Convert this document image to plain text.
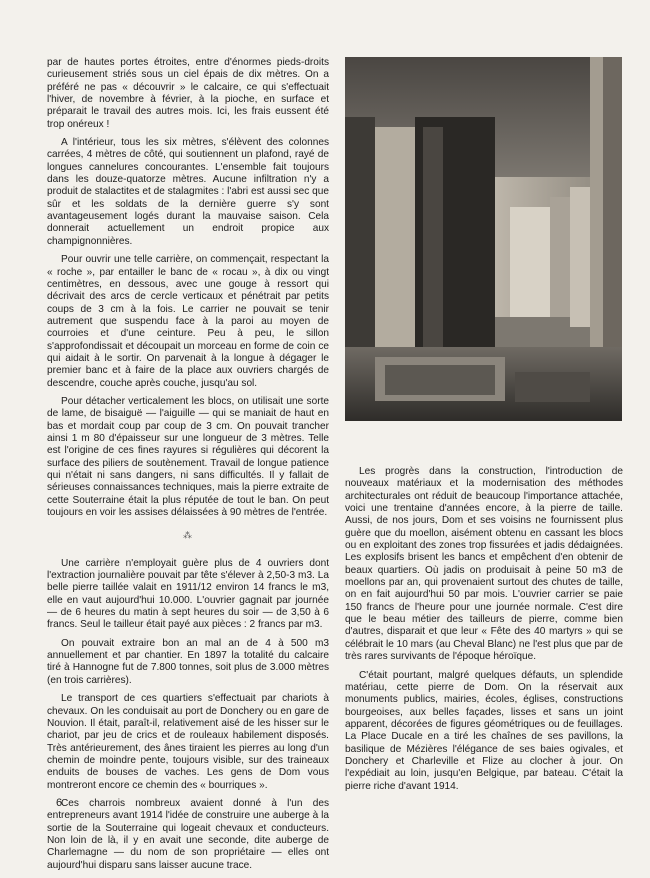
par de hautes portes étroites, entre d'énormes pieds-droits curieusement striés sous un ciel épais de dix mètres. On a préféré ne pas « découvrir » le calcaire, ce qui s'effectuait l'hiver, de novembre à février, à la pioche, en surface et préparait le travail des autres mois. Ici, les frais eussent été trop onéreux !

A l'intérieur, tous les six mètres, s'élèvent des colonnes carrées, 4 mètres de côté, qui soutiennent un plafond, rayé de longues cannelures concourantes. L'ensemble fait toujours dans les douze-quatorze mètres. Aucune infiltration n'y a produit de stalactites et de stalagmites : l'abri est aussi sec que sûr et les soldats de la dernière guerre s'y sont avantageusement logés durant la mauvaise saison. Cela donnerait actuellement un endroit propice aux champignonnières.

Pour ouvrir une telle carrière, on commençait, respectant la « roche », par entailler le banc de « rocau », à dix ou vingt centimètres, en dessous, avec une gouge à ressort qui décrivait des arcs de cercle verticaux et pénétrait par petits coups de 3 cm à la fois. Le carrier ne pouvait se tenir autrement que suspendu face à la paroi au moyen de courroies et d'une ceinture. Peu à peu, le sillon s'approfondissait et découpait un morceau en forme de coin ce qui aidait à le sortir. On parvenait à la longue à dégager le premier banc et à faire de la place aux ouvriers chargés de descendre, couche après couche, jusqu'au sol.

Pour détacher verticalement les blocs, on utilisait une sorte de lame, de bisaiguë — l'aiguille — qui se maniait de haut en bas et mordait coup par coup de 3 cm. On pouvait trancher ainsi 1 m 80 d'épaisseur sur une longueur de 3 mètres. Telle est l'origine de ces fines rayures si régulières qui décorent la surface des piliers de soutènement. Travail de longue patience qui n'était ni sans dangers, ni sans difficultés. Il y fallait de sérieuses connaissances techniques, mais la pierre extraite de cette Souterraine était la plus réputée de tout le ban. On peut toujours en voir les assises délaissées à 90 mètres de l'entrée.

⁂

Une carrière n'employait guère plus de 4 ouvriers dont l'extraction journalière pouvait par tête s'élever à 2,50-3 m3. La belle pierre taillée valait en 1911/12 environ 14 francs le m3, elle en vaut aujourd'hui 10.000. L'ouvrier gagnait par journée — de 6 heures du matin à sept heures du soir — de 3,50 à 6 francs. Seul le tailleur était payé aux pièces : 2 francs par m3.

On pouvait extraire bon an mal an de 4 à 500 m3 annuellement et par chantier. En 1897 la totalité du calcaire tiré à Hannogne fut de 7.800 tonnes, soit plus de 3.000 mètres (en trois carrières).

Le transport de ces quartiers s'effectuait par chariots à chevaux. On les conduisait au port de Donchery ou en gare de Nouvion. Il était, paraît-il, relativement aisé de les hisser sur le chariot, par jeu de crics et de rouleaux habilement disposés. Très antérieurement, des ânes tiraient les pierres au long d'un chemin de moindre pente, toujours visible, sur des traineaux enduits de bouses de vaches. Les gens de Dom vous montreront encore ce chemin des « bourriques ».

Ces charrois nombreux avaient donné à l'un des entrepreneurs avant 1914 l'idée de construire une auberge à la sortie de la Souterraine qui logeait chevaux et conducteurs. Non loin de là, il y en avait une seconde, dite auberge de Charlemagne — du nom de son propriétaire — elles ont aujourd'hui disparu sans laisser aucune trace.

Les progrès dans la construction, l'introduction de nouveaux matériaux et la modernisation des méthodes architecturales ont réduit de beaucoup l'importance attachée, voici une trentaine d'années encore, à la pierre de taille. Aussi, de nos jours, Dom et ses voisins ne fournissent plus guère que du moellon, aisément obtenu en cassant les blocs ou en exploitant des zones trop fissurées et jadis dédaignées. Les explosifs brisent les bancs et empêchent d'en obtenir de beaux quartiers. Où jadis on produisait à peine 50 m3 de moellons par an, qui provenaient surtout des chutes de taille, on en fait aujourd'hui 50 par mois. L'ouvrier carrier se paie 150 francs de l'heure pour une journée normale. C'est dire que le beau métier des tailleurs de pierre, comme bien d'autres, disparait et que leur « Fête des 40 martyrs » qui se célébrait le 10 mars (au Cheval Blanc) ne l'est plus que par de très rares survivants de l'époque héroïque.

C'était pourtant, malgré quelques défauts, un splendide matériau, cette pierre de Dom. On la réservait aux monuments publics, mairies, écoles, églises, constructions bourgeoises, aux belles façades, lisses et sans un joint apparent, décorées de figures géométriques ou de feuillages. La Place Ducale en a tiré les chaînes de ses pavillons, la basilique de Mézières l'élégance de ses baies ogivales, et Donchery et Charleville et Flize au clocher à jour. On l'expédiait au loin, jusqu'en Belgique, par bateau. C'était la pierre riche d'avant 1914.

6
